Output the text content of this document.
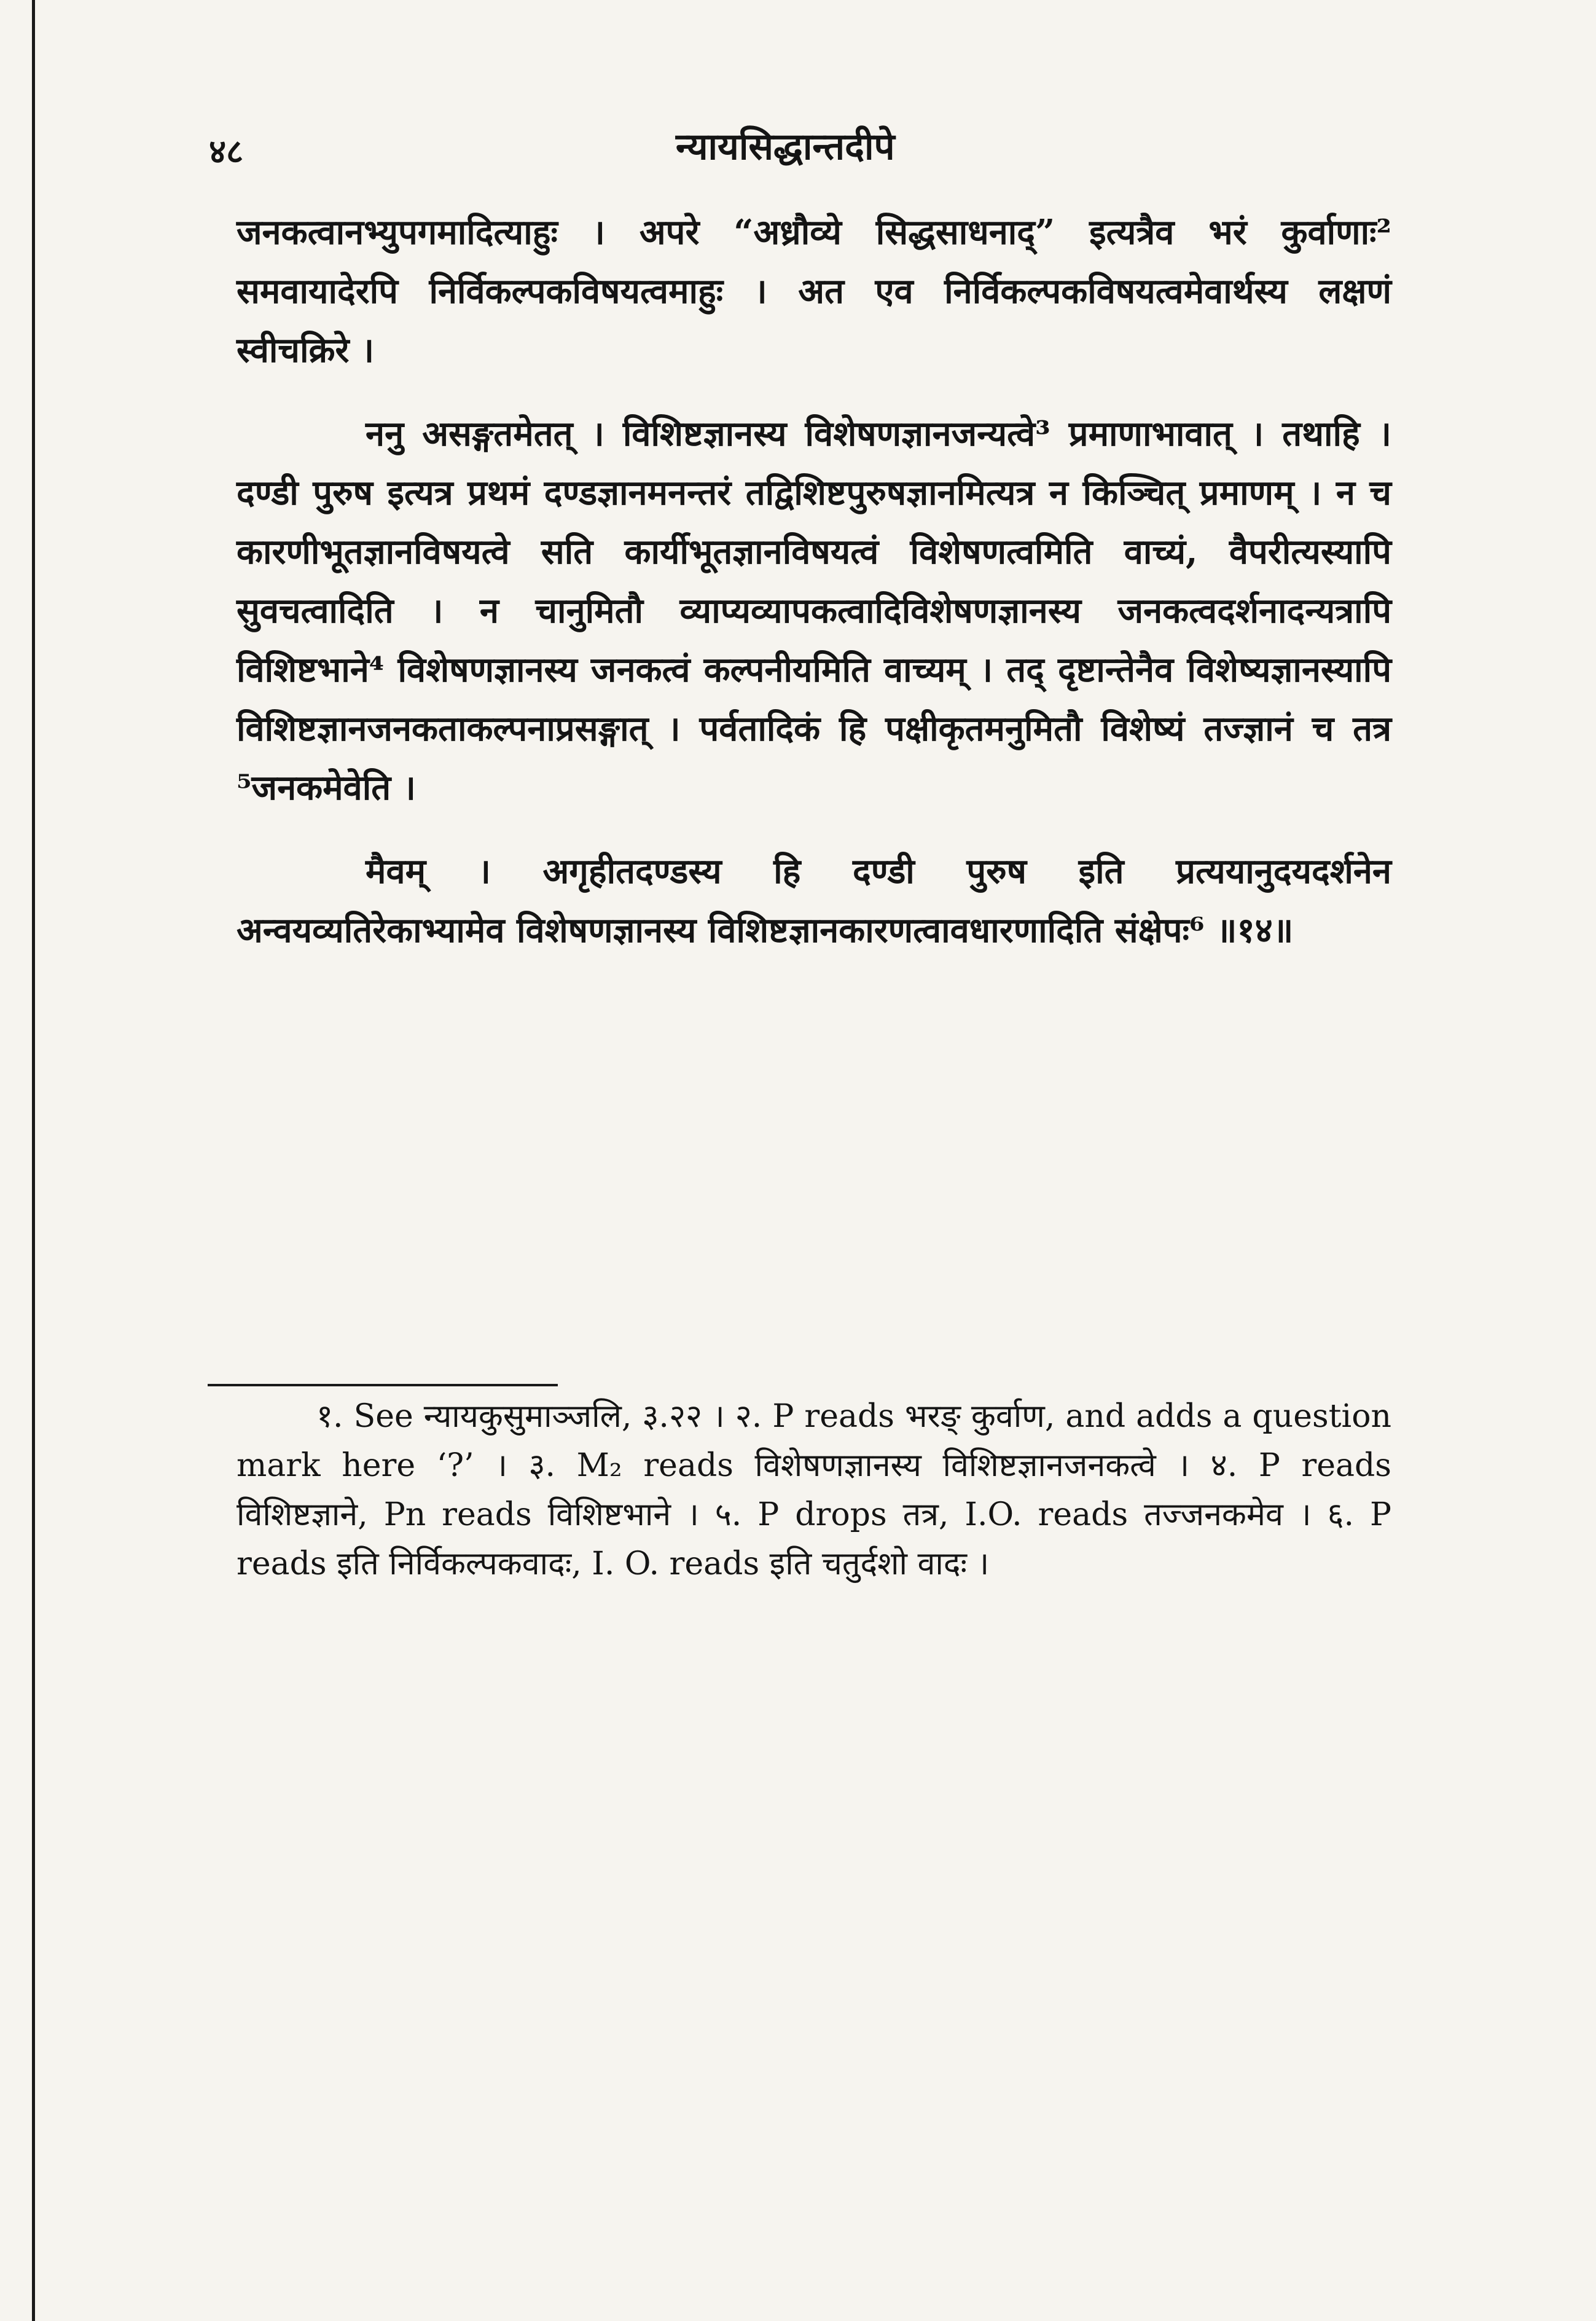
४८	न्यायसिद्धान्तदीपे

जनकत्वानभ्युपगमादित्याहुः । अपरे “अध्रौव्ये सिद्धसाधनाद्” इत्यत्रैव भरं कुर्वाणाः² समवायादेरपि निर्विकल्पकविषयत्वमाहुः । अत एव निर्विकल्पकविषयत्वमेवार्थस्य लक्षणं स्वीचक्रिरे ।

ननु असङ्गतमेतत् । विशिष्टज्ञानस्य विशेषणज्ञानजन्यत्वे³ प्रमाणाभावात् । तथाहि । दण्डी पुरुष इत्यत्र प्रथमं दण्डज्ञानमनन्तरं तद्विशिष्टपुरुषज्ञानमित्यत्र न किञ्चित् प्रमाणम् । न च कारणीभूतज्ञानविषयत्वे सति कार्यीभूतज्ञानविषयत्वं विशेषणत्वमिति वाच्यं, वैपरीत्यस्यापि सुवचत्वादिति । न चानुमितौ व्याप्यव्यापकत्वादिविशेषणज्ञानस्य जनकत्वदर्शनादन्यत्रापि विशिष्टभाने⁴ विशेषणज्ञानस्य जनकत्वं कल्पनीयमिति वाच्यम् । तद् दृष्टान्तेनैव विशेष्यज्ञानस्यापि विशिष्टज्ञानजनकताकल्पनाप्रसङ्गात् । पर्वतादिकं हि पक्षीकृतमनुमितौ विशेष्यं तज्ज्ञानं च तत्र ⁵जनकमेवेति ।

मैवम् । अगृहीतदण्डस्य हि दण्डी पुरुष इति प्रत्ययानुदयदर्शनेन अन्वयव्यतिरेकाभ्यामेव विशेषणज्ञानस्य विशिष्टज्ञानकारणत्वावधारणादिति संक्षेपः⁶ ॥१४॥

१. See न्यायकुसुमाञ्जलि, ३.२२ । २. P reads भरङ् कुर्वाण, and adds a question mark here ‘?’ । ३. M₂ reads विशेषणज्ञानस्य विशिष्टज्ञानजनकत्वे । ४. P reads विशिष्टज्ञाने, Pn reads विशिष्टभाने । ५. P drops तत्र, I.O. reads तज्जनकमेव । ६. P reads इति निर्विकल्पकवादः, I. O. reads इति चतुर्दशो वादः ।
